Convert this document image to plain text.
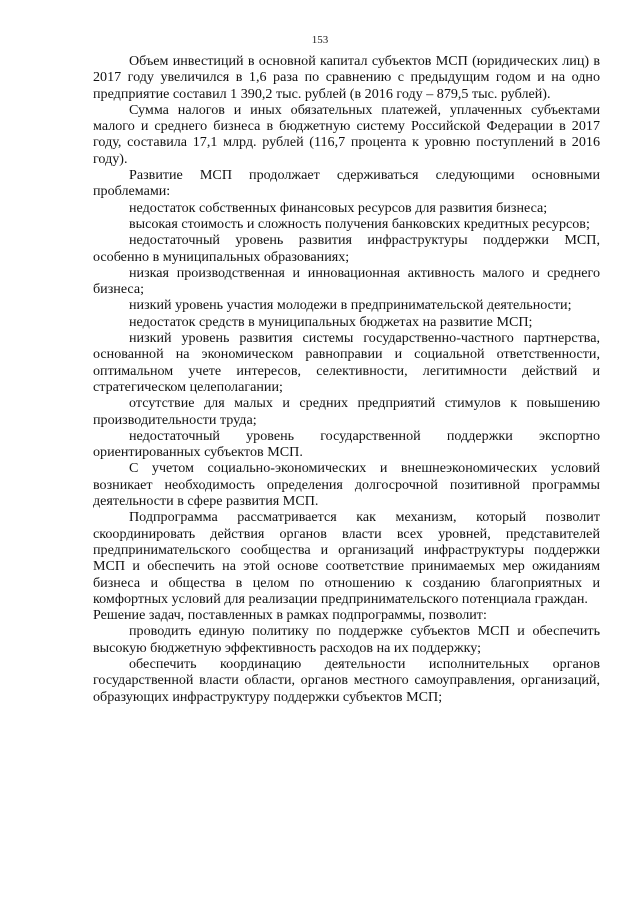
153

Объем инвестиций в основной капитал субъектов МСП (юридических лиц) в 2017 году увеличился в 1,6 раза по сравнению с предыдущим годом и на одно предприятие составил 1 390,2 тыс. рублей (в 2016 году – 879,5 тыс. рублей).

Сумма налогов и иных обязательных платежей, уплаченных субъектами малого и среднего бизнеса в бюджетную систему Российской Федерации в 2017 году, составила 17,1 млрд. рублей (116,7 процента к уровню поступлений в 2016 году).

Развитие МСП продолжает сдерживаться следующими основными проблемами:

недостаток собственных финансовых ресурсов для развития бизнеса;

высокая стоимость и сложность получения банковских кредитных ресурсов;

недостаточный уровень развития инфраструктуры поддержки МСП, особенно в муниципальных образованиях;

низкая производственная и инновационная активность малого и среднего бизнеса;

низкий уровень участия молодежи в предпринимательской деятельности;

недостаток средств в муниципальных бюджетах на развитие МСП;

низкий уровень развития системы государственно-частного партнерства, основанной на экономическом равноправии и социальной ответственности, оптимальном учете интересов, селективности, легитимности действий и стратегическом целеполагании;

отсутствие для малых и средних предприятий стимулов к повышению производительности труда;

недостаточный уровень государственной поддержки экспортно ориентированных субъектов МСП.

С учетом социально-экономических и внешнеэкономических условий возникает необходимость определения долгосрочной позитивной программы деятельности в сфере развития МСП.

Подпрограмма рассматривается как механизм, который позволит скоординировать действия органов власти всех уровней, представителей предпринимательского сообщества и организаций инфраструктуры поддержки МСП и обеспечить на этой основе соответствие принимаемых мер ожиданиям бизнеса и общества в целом по отношению к созданию благоприятных и комфортных условий для реализации предпринимательского потенциала граждан.

Решение задач, поставленных в рамках подпрограммы, позволит:

проводить единую политику по поддержке субъектов МСП и обеспечить высокую бюджетную эффективность расходов на их поддержку;

обеспечить координацию деятельности исполнительных органов государственной власти области, органов местного самоуправления, организаций, образующих инфраструктуру поддержки субъектов МСП;
